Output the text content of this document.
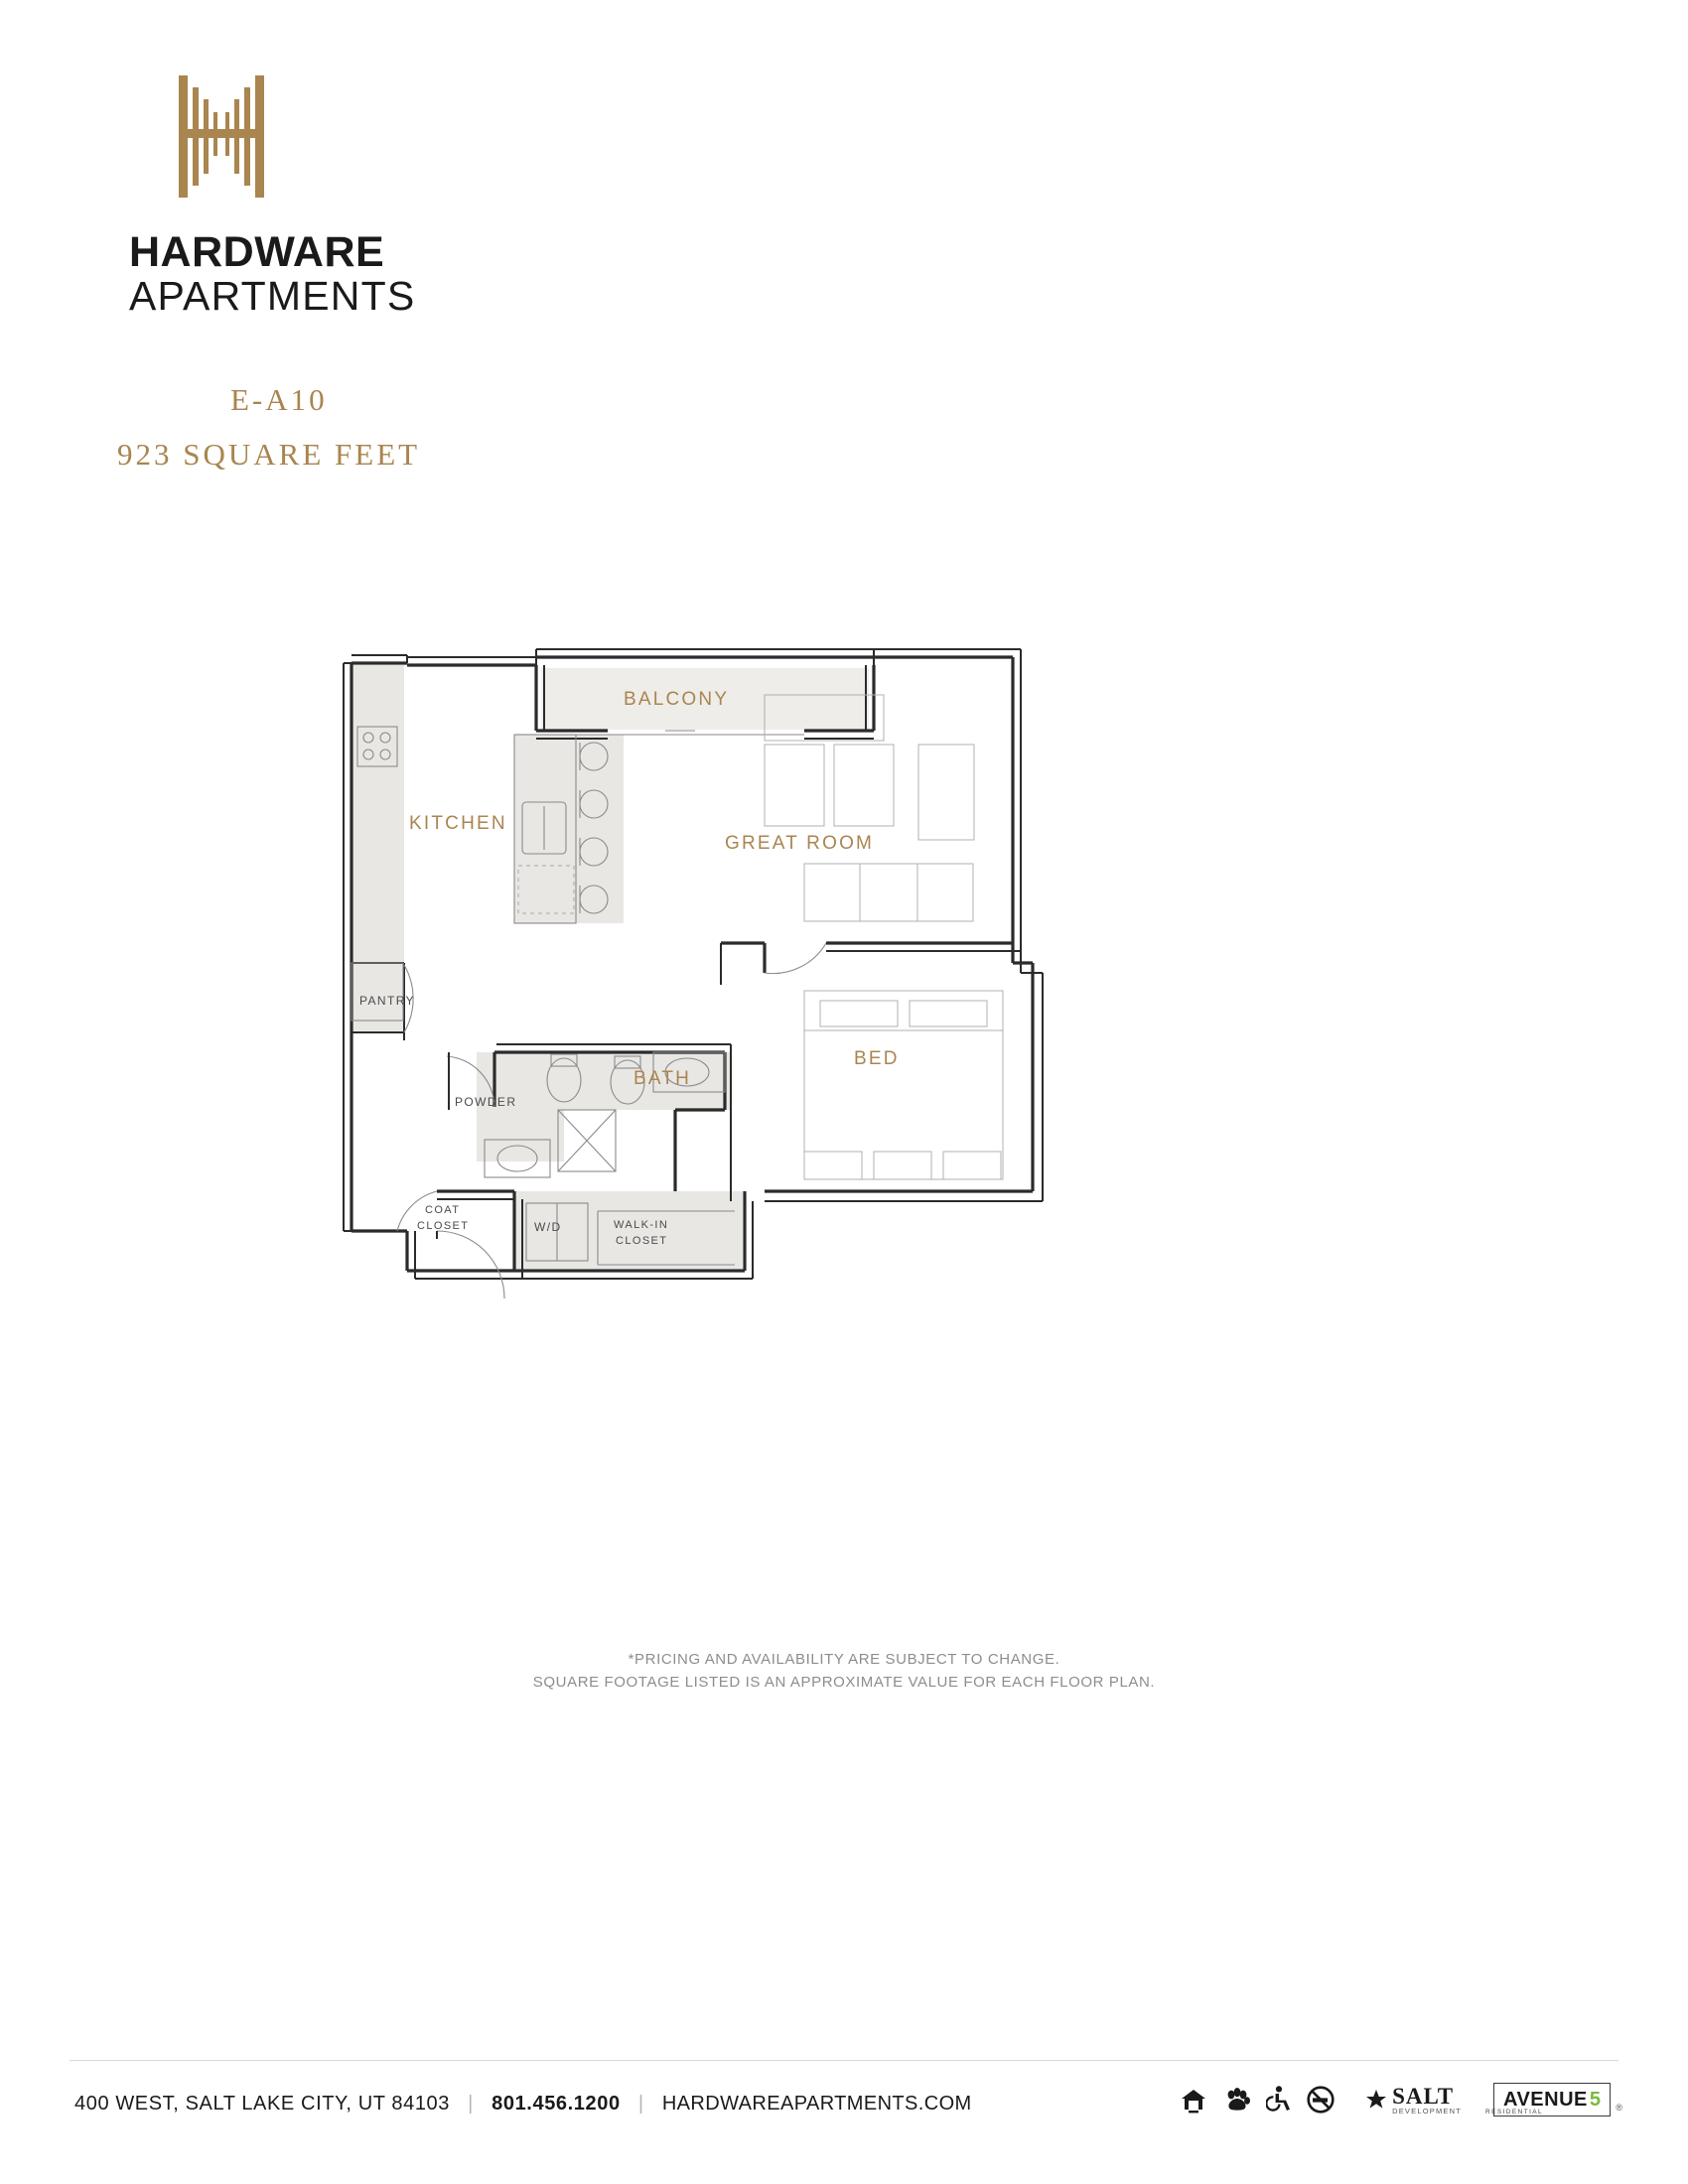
HARDWARE
APARTMENTS
E-A10
923 SQUARE FEET
BALCONY
KITCHEN
GREAT ROOM
PANTRY
POWDER
BATH
BED
COAT
CLOSET	W/D	WALK-IN
CLOSET
*PRICING AND AVAILABILITY ARE SUBJECT TO CHANGE.
SQUARE FOOTAGE LISTED IS AN APPROXIMATE VALUE FOR EACH FLOOR PLAN.
400 WEST, SALT LAKE CITY, UT 84103 | 801.456.1200 | HARDWAREAPARTMENTS.COM	SALT
DEVELOPMENT
AVENUE 5
RESIDENTIAL	®
